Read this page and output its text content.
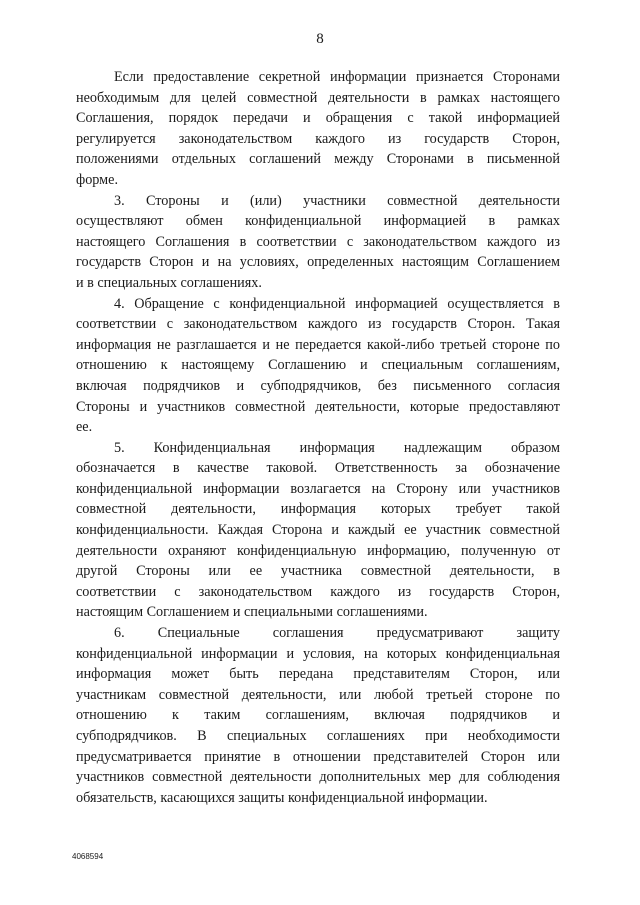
8
Если предоставление секретной информации признается Сторонами
необходимым для целей совместной деятельности в рамках настоящего
Соглашения, порядок передачи и обращения с такой информацией
регулируется законодательством каждого из государств Сторон,
положениями отдельных соглашений между Сторонами в письменной
форме.
3. Стороны и (или) участники совместной деятельности
осуществляют обмен конфиденциальной информацией в рамках
настоящего Соглашения в соответствии с законодательством каждого из
государств Сторон и на условиях, определенных настоящим Соглашением
и в специальных соглашениях.
4. Обращение с конфиденциальной информацией осуществляется в
соответствии с законодательством каждого из государств Сторон. Такая
информация не разглашается и не передается какой-либо третьей стороне по
отношению к настоящему Соглашению и специальным соглашениям,
включая подрядчиков и субподрядчиков, без письменного согласия
Стороны и участников совместной деятельности, которые предоставляют
ее.
5. Конфиденциальная информация надлежащим образом
обозначается в качестве таковой. Ответственность за обозначение
конфиденциальной информации возлагается на Сторону или участников
совместной деятельности, информация которых требует такой
конфиденциальности. Каждая Сторона и каждый ее участник совместной
деятельности охраняют конфиденциальную информацию, полученную от
другой Стороны или ее участника совместной деятельности, в
соответствии с законодательством каждого из государств Сторон,
настоящим Соглашением и специальными соглашениями.
6. Специальные соглашения предусматривают защиту
конфиденциальной информации и условия, на которых конфиденциальная
информация может быть передана представителям Сторон, или
участникам совместной деятельности, или любой третьей стороне по
отношению к таким соглашениям, включая подрядчиков и
субподрядчиков. В специальных соглашениях при необходимости
предусматривается принятие в отношении представителей Сторон или
участников совместной деятельности дополнительных мер для соблюдения
обязательств, касающихся защиты конфиденциальной информации.
4068594
